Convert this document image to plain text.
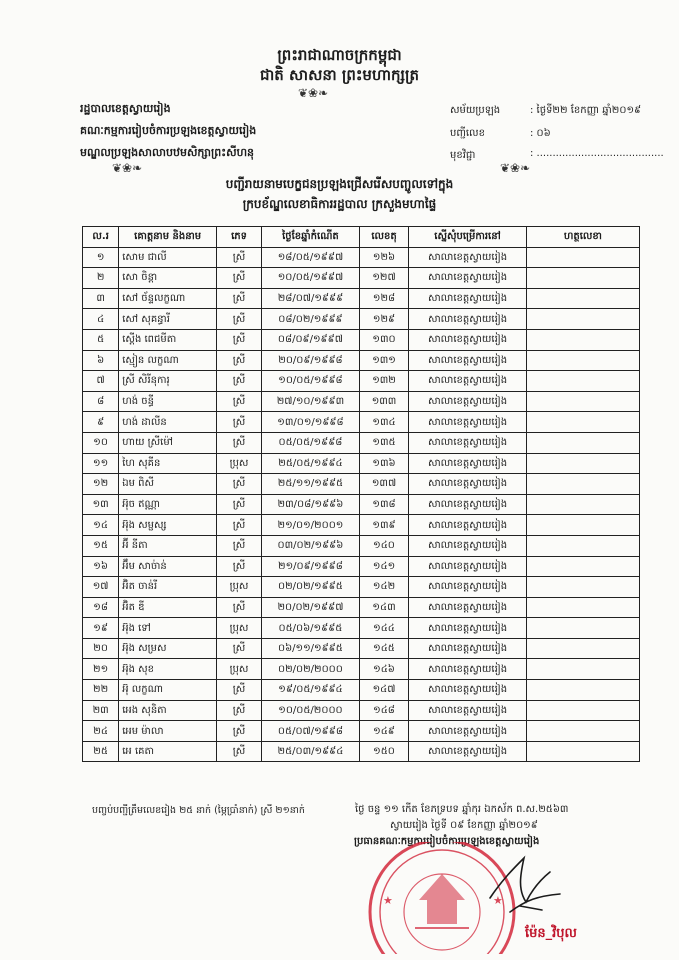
ព្រះរាជាណាចក្រកម្ពុជា
ជាតិ សាសនា ព្រះមហាក្សត្រ
❦❀❧
រដ្ឋបាលខេត្តស្វាយរៀង
គណៈកម្មការរៀបចំការប្រឡងខេត្តស្វាយរៀង
មណ្ឌលប្រឡងសាលាបឋមសិក្សាព្រះសីហនុ
សម័យប្រឡង	: ថ្ងៃទី២២ ខែកញ្ញា ឆ្នាំ២០១៩
បញ្ជីលេខ	: ០៦
មុខវិជ្ជា	: ........................................
❦❀❧	❦❀❧
បញ្ជីរាយនាមបេក្ខជនប្រឡងជ្រើសរើសបញ្ចូលទៅក្នុង
ក្របខ័ណ្ឌលេខាធិការរដ្ឋបាល ក្រសួងមហាផ្ទៃ
ល.រ	គោត្តនាម និងនាម	ភេទ	ថ្ងៃខែឆ្នាំកំណើត	លេខតុ	ស្នើសុំបម្រើការនៅ	ហត្ថលេខា
១	សោម ជាលី	ស្រី	១៨/០៥/១៩៩៧	១២៦	សាលាខេត្តស្វាយរៀង	
២	សោ ចិន្តា	ស្រី	១០/០៥/១៩៩៧	១២៧	សាលាខេត្តស្វាយរៀង	
៣	សៅ ច័ន្ទលក្ខណា	ស្រី	២៨/០៧/១៩៩៩	១២៨	សាលាខេត្តស្វាយរៀង	
៤	សៅ សុគន្ធារី	ស្រី	០៨/០២/១៩៩៩	១២៩	សាលាខេត្តស្វាយរៀង	
៥	ស្តើង ពេជមីតា	ស្រី	០៨/០៩/១៩៩៧	១៣០	សាលាខេត្តស្វាយរៀង	
៦	ស្មៀន លក្ខណា	ស្រី	២០/០៩/១៩៩៨	១៣១	សាលាខេត្តស្វាយរៀង	
៧	ស្រី សិរីនុការុ	ស្រី	១០/០៥/១៩៩៨	១៣២	សាលាខេត្តស្វាយរៀង	
៨	ហង់ ចន្ធី	ស្រី	២៧/១០/១៩៩៣	១៣៣	សាលាខេត្តស្វាយរៀង	
៩	ហង់ ដាលីន	ស្រី	១៣/០១/១៩៩៨	១៣៤	សាលាខេត្តស្វាយរៀង	
១០	ហាយ ស្រីម៉ៅ	ស្រី	០៥/០៥/១៩៩៨	១៣៥	សាលាខេត្តស្វាយរៀង	
១១	ហៃ សុគីន	ប្រុស	២៥/០៥/១៩៩៤	១៣៦	សាលាខេត្តស្វាយរៀង	
១២	ឯម ពិសី	ស្រី	២៥/១១/១៩៩៥	១៣៧	សាលាខេត្តស្វាយរៀង	
១៣	អ៊ុច ឥណ្ណា	ស្រី	២៣/០៨/១៩៩៦	១៣៨	សាលាខេត្តស្វាយរៀង	
១៤	អ៊ុង សម្ផស្ស	ស្រី	២១/០១/២០០១	១៣៩	សាលាខេត្តស្វាយរៀង	
១៥	អ៊ី នីតា	ស្រី	០៣/០២/១៩៩៦	១៤០	សាលាខេត្តស្វាយរៀង	
១៦	អ៊ឹម សាច់ាន់	ស្រី	២១/០៩/១៩៩៨	១៤១	សាលាខេត្តស្វាយរៀង	
១៧	អ៊ិត ចាន់រី	ប្រុស	០២/០២/១៩៩៥	១៤២	សាលាខេត្តស្វាយរៀង	
១៨	អ៊ិត ឌី	ស្រី	២០/០២/១៩៩៧	១៤៣	សាលាខេត្តស្វាយរៀង	
១៩	អ៊ុង ទៅ	ប្រុស	០៥/០៦/១៩៩៥	១៤៤	សាលាខេត្តស្វាយរៀង	
២០	អ៊ុង សម្រស	ស្រី	០៦/១១/១៩៩៥	១៤៥	សាលាខេត្តស្វាយរៀង	
២១	អ៊ុង សុខ	ប្រុស	០២/០២/២០០០	១៤៦	សាលាខេត្តស្វាយរៀង	
២២	អ៊ុ លក្ខណា	ស្រី	១៩/០៥/១៩៩៤	១៤៧	សាលាខេត្តស្វាយរៀង	
២៣	អេង សុនិតា	ស្រី	១០/០៥/២០០០	១៤៨	សាលាខេត្តស្វាយរៀង	
២៤	អេម ម៉ាលា	ស្រី	០៥/០៧/១៩៩៨	១៤៩	សាលាខេត្តស្វាយរៀង	
២៥	អេ គេតា	ស្រី	២៥/០៣/១៩៩៤	១៥០	សាលាខេត្តស្វាយរៀង	
បញ្ចប់បញ្ជីត្រឹមលេខរៀង ២៥ នាក់ (ម្ភៃប្រាំនាក់) ស្រី ២១នាក់	ថ្ងៃ ចន្ទ ១១ កើត ខែភទ្របទ ឆ្នាំកុរ ឯកស័ក ព.ស.២៥៦៣
ស្វាយរៀង ថ្ងៃទី ០៩ ខែកញ្ញា ឆ្នាំ២០១៩
ប្រធានគណៈកម្មការរៀបចំការប្រឡងខេត្តស្វាយរៀង
★	★
ម៉ែន_វិបុល
